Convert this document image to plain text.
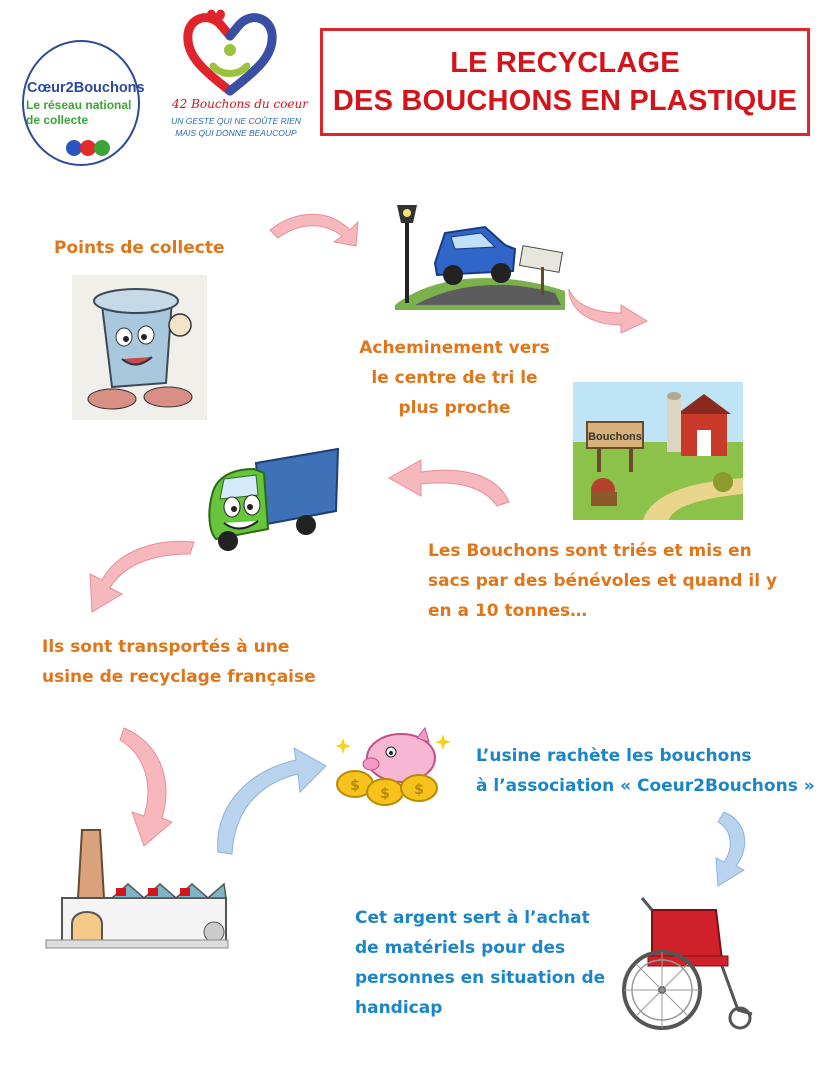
Cœur2Bouchons
Le réseau national
de collecte
42 Bouchons du coeur
UN GESTE QUI NE COÛTE RIEN
MAIS QUI DONNE BEAUCOUP
LE RECYCLAGE
DES BOUCHONS EN PLASTIQUE
Points de collecte
Acheminement vers
le centre de tri le
plus proche
Bouchons
Les Bouchons sont triés et mis en
sacs par des bénévoles et quand il y
en a 10 tonnes…
Ils sont transportés à une
usine de recyclage française
$ $ $
L’usine rachète les bouchons
à l’association « Coeur2Bouchons »
Cet argent sert à l’achat
de matériels pour des
personnes en situation de
handicap
